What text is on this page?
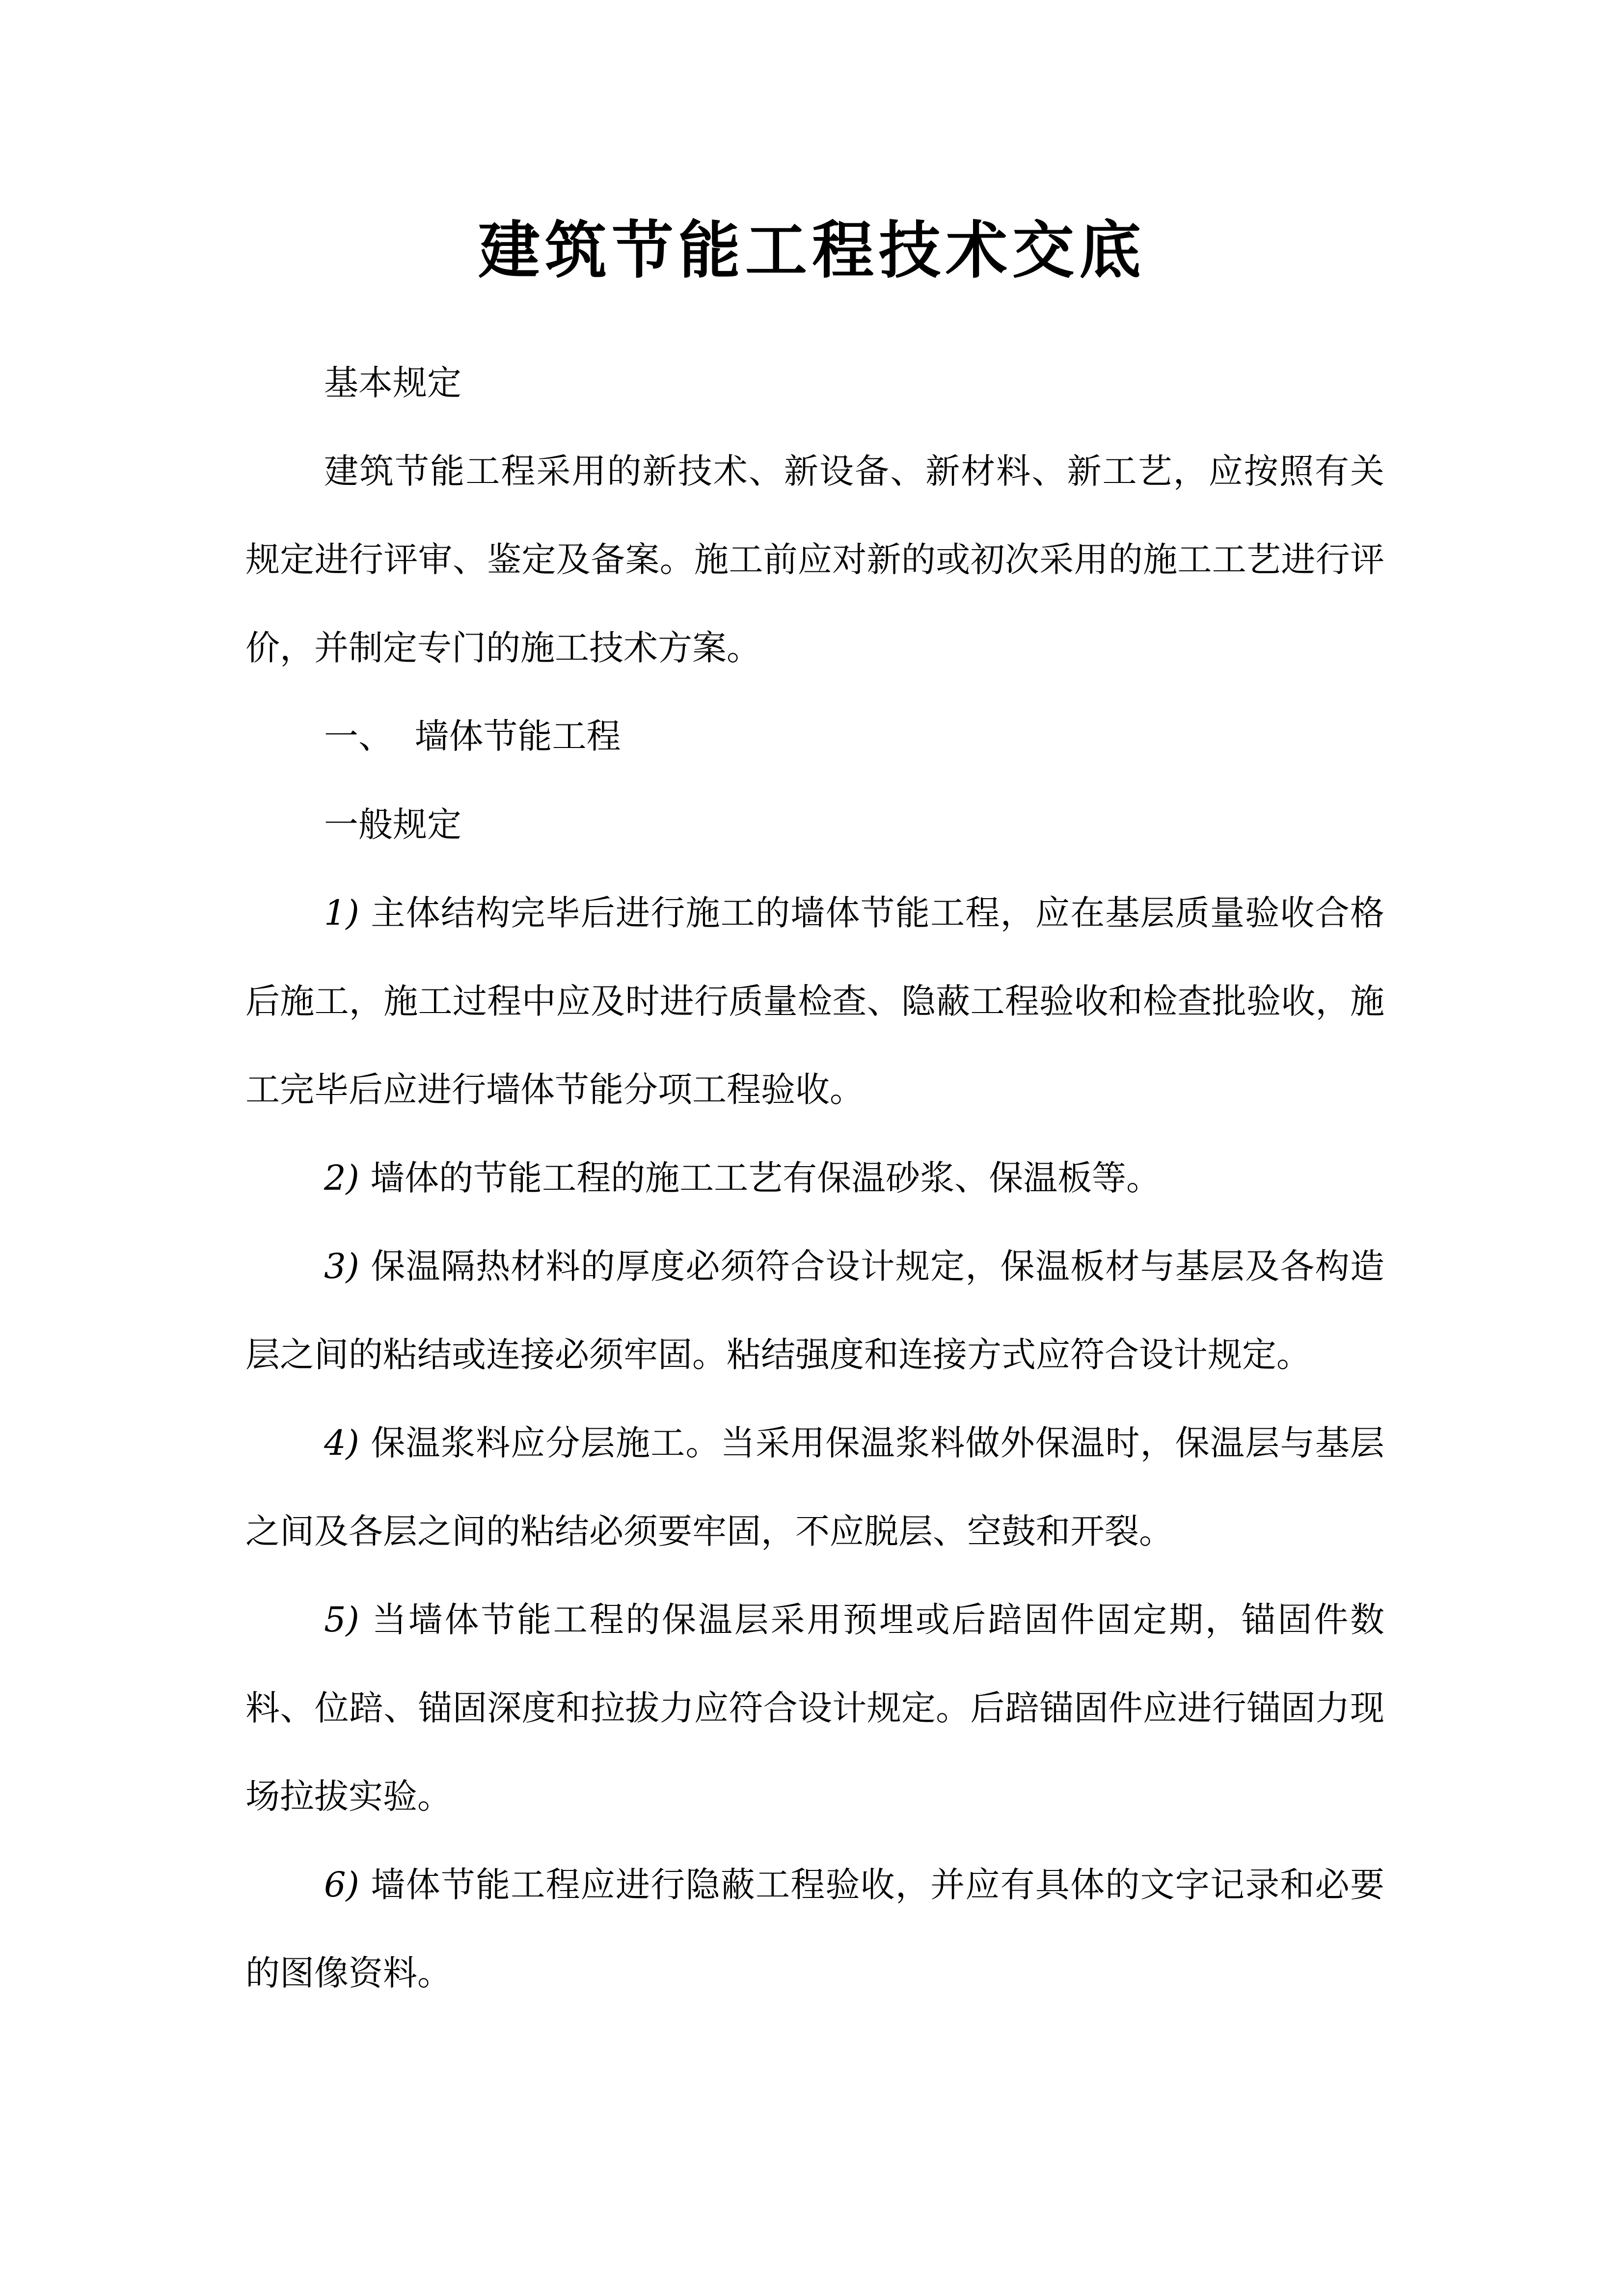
建筑节能工程技术交底

基本规定

建筑节能工程采用的新技术、新设备、新材料、新工艺，应按照有关规定进行评审、鉴定及备案。施工前应对新的或初次采用的施工工艺进行评价，并制定专门的施工技术方案。

一、  墙体节能工程

一般规定

1) 主体结构完毕后进行施工的墙体节能工程，应在基层质量验收合格后施工，施工过程中应及时进行质量检查、隐蔽工程验收和检查批验收，施工完毕后应进行墙体节能分项工程验收。

2) 墙体的节能工程的施工工艺有保温砂浆、保温板等。

3) 保温隔热材料的厚度必须符合设计规定，保温板材与基层及各构造层之间的粘结或连接必须牢固。粘结强度和连接方式应符合设计规定。

4) 保温浆料应分层施工。当采用保温浆料做外保温时，保温层与基层之间及各层之间的粘结必须要牢固，不应脱层、空鼓和开裂。

5) 当墙体节能工程的保温层采用预埋或后踣固件固定期，锚固件数料、位踣、锚固深度和拉拔力应符合设计规定。后踣锚固件应进行锚固力现场拉拔实验。

6) 墙体节能工程应进行隐蔽工程验收，并应有具体的文字记录和必要的图像资料。
